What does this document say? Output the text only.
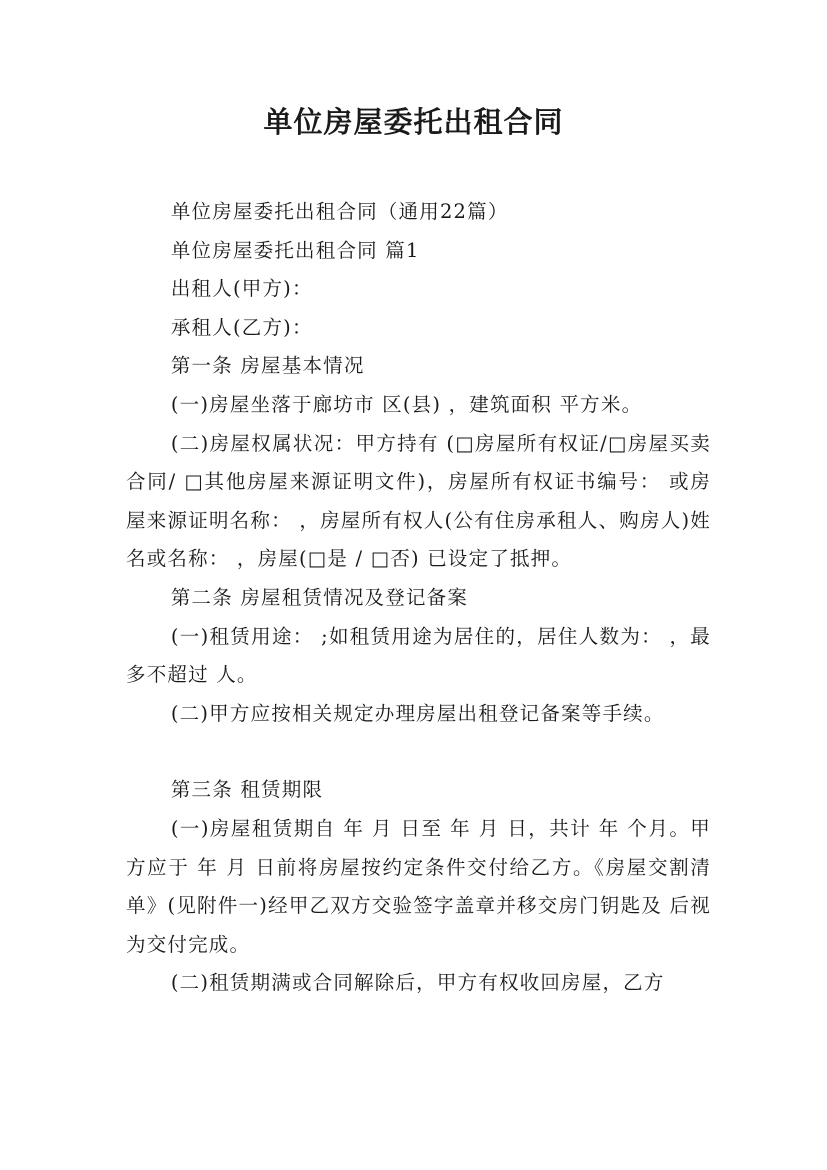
单位房屋委托出租合同

单位房屋委托出租合同（通用22篇）

单位房屋委托出租合同 篇1

出租人(甲方)：

承租人(乙方)：

第一条 房屋基本情况

(一)房屋坐落于廊坊市 区(县) ，建筑面积 平方米。

(二)房屋权属状况：甲方持有 (□房屋所有权证/□房屋买卖合同/ □其他房屋来源证明文件)，房屋所有权证书编号： 或房屋来源证明名称： ，房屋所有权人(公有住房承租人、购房人)姓名或名称： ，房屋(□是 / □否) 已设定了抵押。

第二条 房屋租赁情况及登记备案

(一)租赁用途： ;如租赁用途为居住的，居住人数为： ，最多不超过 人。

(二)甲方应按相关规定办理房屋出租登记备案等手续。

第三条 租赁期限

(一)房屋租赁期自 年 月 日至 年 月 日，共计 年 个月。甲方应于 年 月 日前将房屋按约定条件交付给乙方。《房屋交割清单》(见附件一)经甲乙双方交验签字盖章并移交房门钥匙及 后视为交付完成。

(二)租赁期满或合同解除后，甲方有权收回房屋，乙方
